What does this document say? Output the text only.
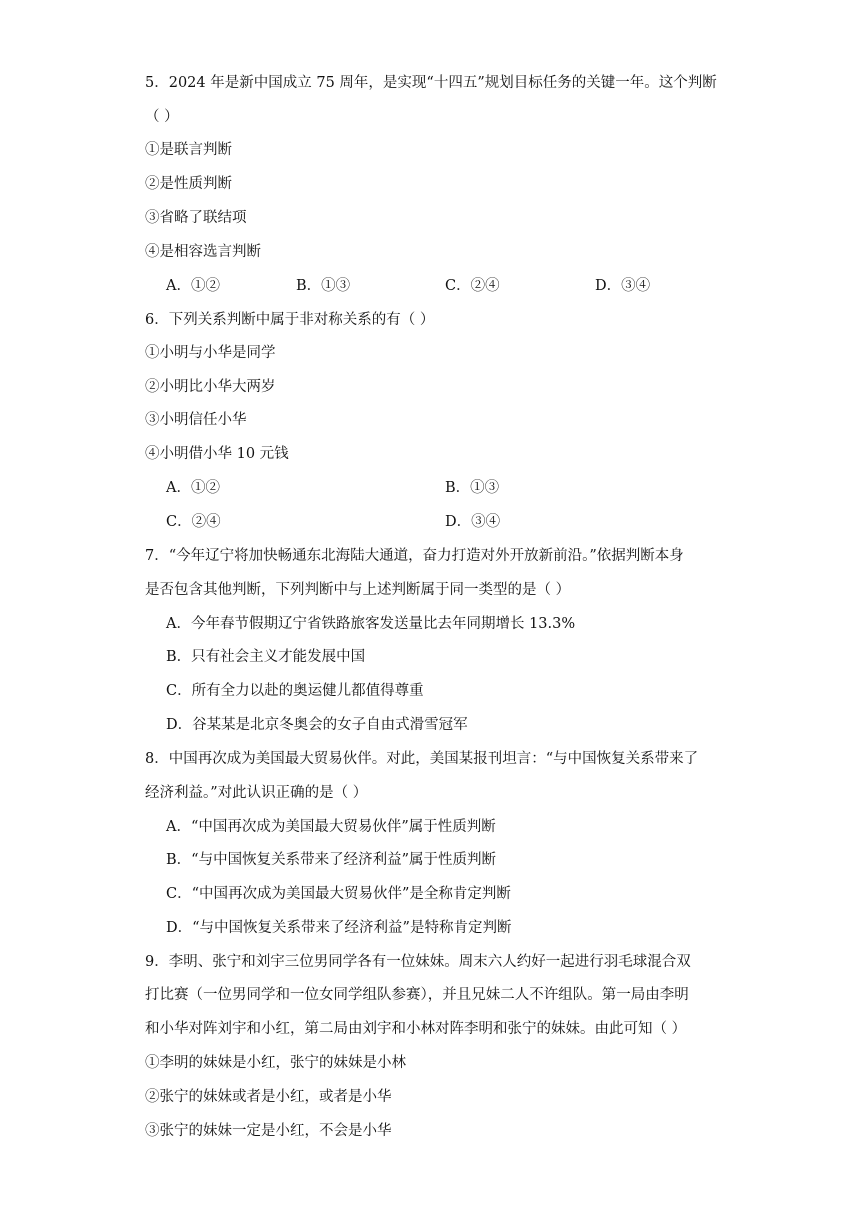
5．2024 年是新中国成立 75 周年，是实现“十四五”规划目标任务的关键一年。这个判断
（ ）
①是联言判断
②是性质判断
③省略了联结项
④是相容选言判断
A．①②	B．①③	C．②④	D．③④
6．下列关系判断中属于非对称关系的有（ ）
①小明与小华是同学
②小明比小华大两岁
③小明信任小华
④小明借小华 10 元钱
A．①②	B．①③
C．②④	D．③④
7．“今年辽宁将加快畅通东北海陆大通道，奋力打造对外开放新前沿。”依据判断本身
是否包含其他判断，下列判断中与上述判断属于同一类型的是（ ）
A．今年春节假期辽宁省铁路旅客发送量比去年同期增长 13.3%
B．只有社会主义才能发展中国
C．所有全力以赴的奥运健儿都值得尊重
D．谷某某是北京冬奥会的女子自由式滑雪冠军
8．中国再次成为美国最大贸易伙伴。对此，美国某报刊坦言：“与中国恢复关系带来了
经济利益。”对此认识正确的是（ ）
A．“中国再次成为美国最大贸易伙伴”属于性质判断
B．“与中国恢复关系带来了经济利益”属于性质判断
C．“中国再次成为美国最大贸易伙伴”是全称肯定判断
D．“与中国恢复关系带来了经济利益”是特称肯定判断
9．李明、张宁和刘宇三位男同学各有一位妹妹。周末六人约好一起进行羽毛球混合双
打比赛（一位男同学和一位女同学组队参赛），并且兄妹二人不许组队。第一局由李明
和小华对阵刘宇和小红，第二局由刘宇和小林对阵李明和张宁的妹妹。由此可知（ ）
①李明的妹妹是小红，张宁的妹妹是小林
②张宁的妹妹或者是小红，或者是小华
③张宁的妹妹一定是小红，不会是小华
